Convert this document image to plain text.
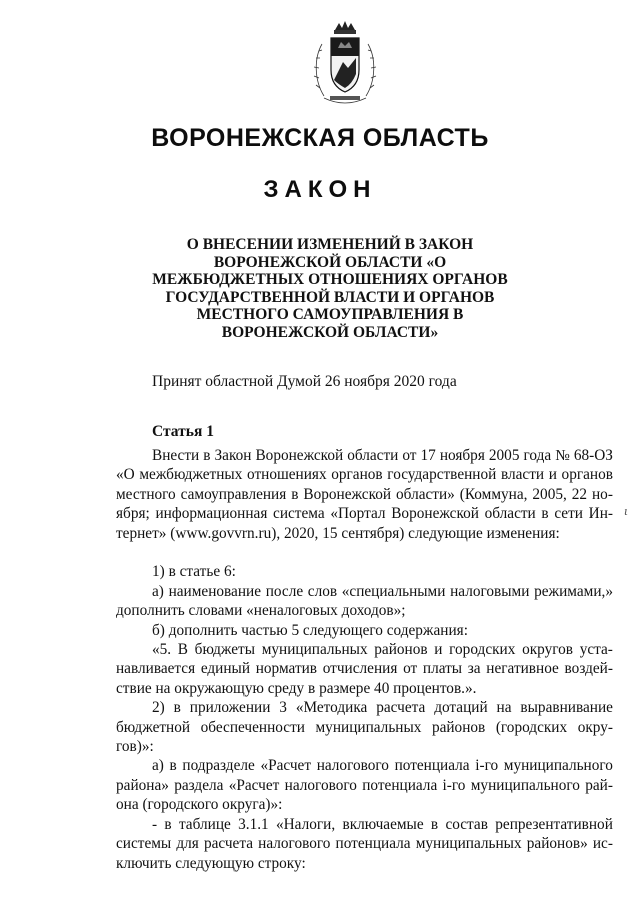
ВОРОНЕЖСКАЯ ОБЛАСТЬ
ЗАКОН
О ВНЕСЕНИИ ИЗМЕНЕНИЙ В ЗАКОН
ВОРОНЕЖСКОЙ ОБЛАСТИ «О
МЕЖБЮДЖЕТНЫХ ОТНОШЕНИЯХ ОРГАНОВ
ГОСУДАРСТВЕННОЙ ВЛАСТИ И ОРГАНОВ
МЕСТНОГО САМОУПРАВЛЕНИЯ В
ВОРОНЕЖСКОЙ ОБЛАСТИ»
Принят областной Думой 26 ноября 2020 года
Статья 1
Внести в Закон Воронежской области от 17 ноября 2005 года № 68-ОЗ
«О межбюджетных отношениях органов государственной власти и органов
местного самоуправления в Воронежской области» (Коммуна, 2005, 22 но-
ября; информационная система «Портал Воронежской области в сети Ин-
тернет» (www.govvrn.ru), 2020, 15 сентября) следующие изменения:
1) в статье 6:
а) наименование после слов «специальными налоговыми режимами,»
дополнить словами «неналоговых доходов»;
б) дополнить частью 5 следующего содержания:
«5. В бюджеты муниципальных районов и городских округов уста-
навливается единый норматив отчисления от платы за негативное воздей-
ствие на окружающую среду в размере 40 процентов.».
2) в приложении 3 «Методика расчета дотаций на выравнивание
бюджетной обеспеченности муниципальных районов (городских окру-
гов)»:
а) в подразделе «Расчет налогового потенциала i-го муниципального
района» раздела «Расчет налогового потенциала i-го муниципального рай-
она (городского округа)»:
- в таблице 3.1.1 «Налоги, включаемые в состав репрезентативной
системы для расчета налогового потенциала муниципальных районов» ис-
ключить следующую строку:
ι
